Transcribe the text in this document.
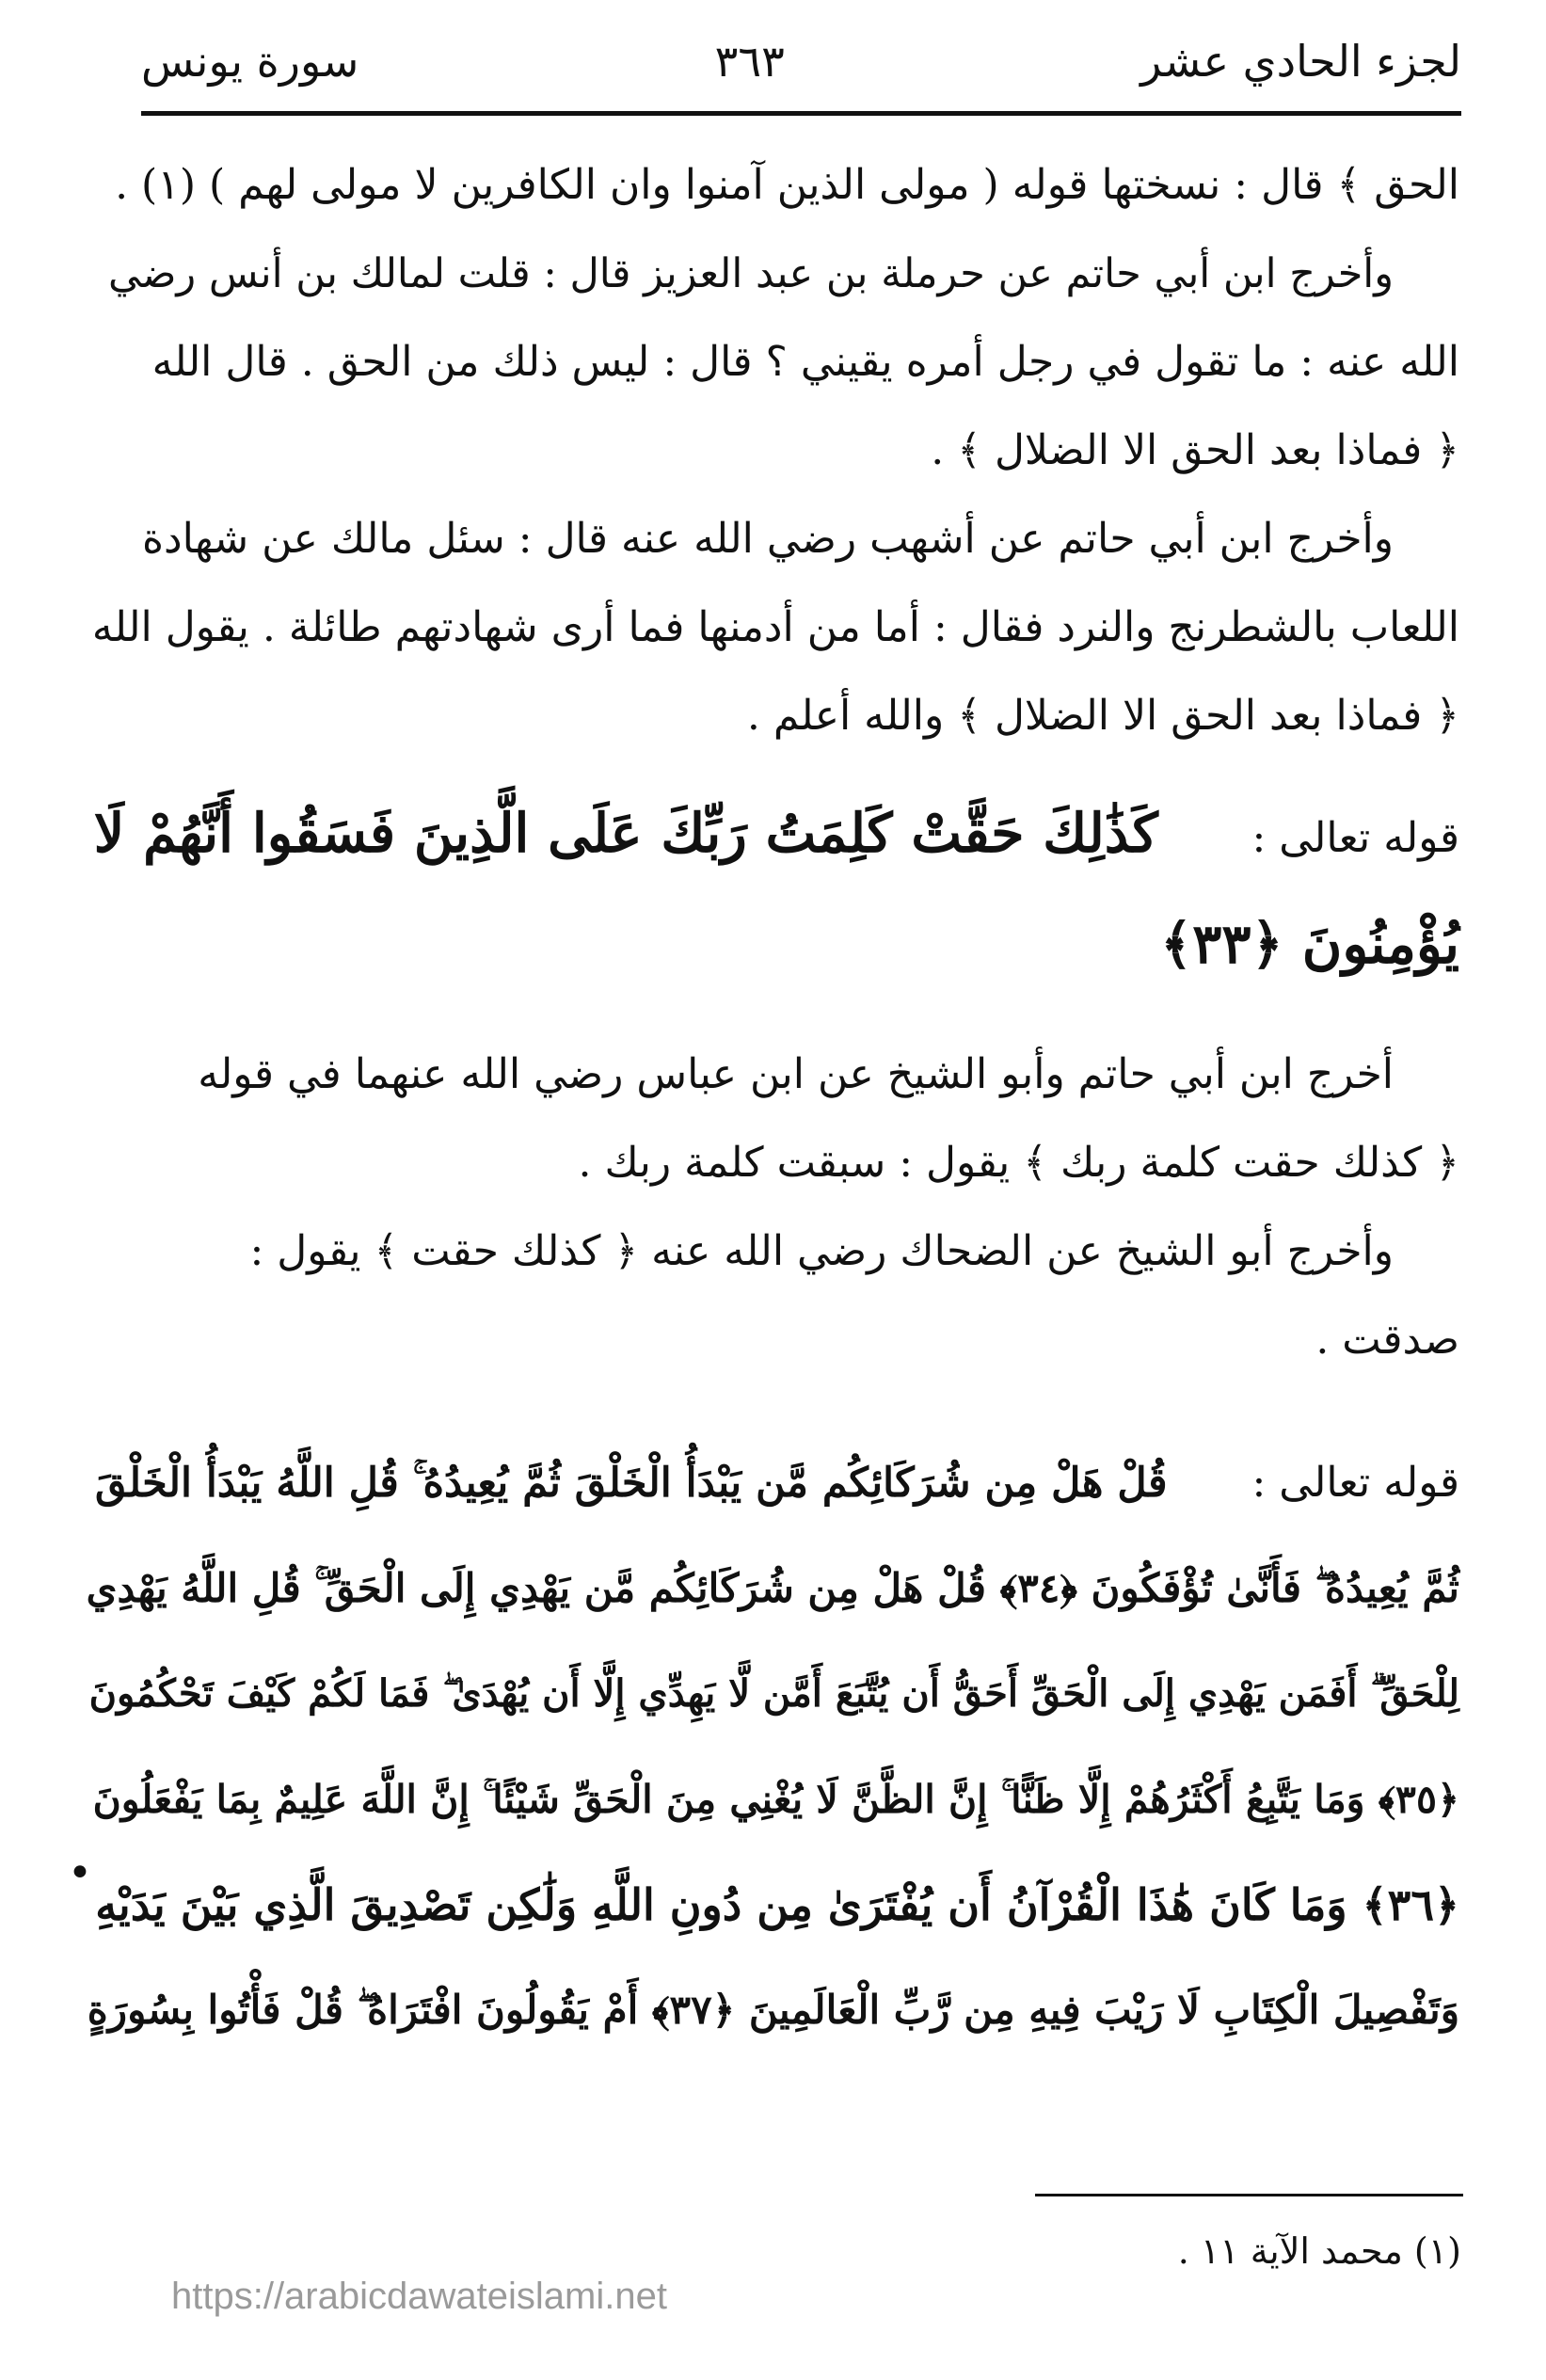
لجزء الحادي عشر
٣٦٣
سورة يونس
الحق ﴾ قال : نسختها قوله ( مولى الذين آمنوا وان الكافرين لا مولى لهم ) (١) .
وأخرج ابن أبي حاتم عن حرملة بن عبد العزيز قال : قلت لمالك بن أنس رضي
الله عنه : ما تقول في رجل أمره يقيني ؟ قال : ليس ذلك من الحق . قال الله
﴿ فماذا بعد الحق الا الضلال ﴾ .
وأخرج ابن أبي حاتم عن أشهب رضي الله عنه قال : سئل مالك عن شهادة
اللعاب بالشطرنج والنرد فقال : أما من أدمنها فما أرى شهادتهم طائلة . يقول الله
﴿ فماذا بعد الحق الا الضلال ﴾ والله أعلم .
قوله تعالى :  كَذَٰلِكَ حَقَّتْ كَلِمَتُ رَبِّكَ عَلَى الَّذِينَ فَسَقُوا أَنَّهُمْ لَا
يُؤْمِنُونَ ﴿٣٣﴾
أخرج ابن أبي حاتم وأبو الشيخ عن ابن عباس رضي الله عنهما في قوله
﴿ كذلك حقت كلمة ربك ﴾ يقول : سبقت كلمة ربك .
وأخرج أبو الشيخ عن الضحاك رضي الله عنه ﴿ كذلك حقت ﴾ يقول :
صدقت .
قوله تعالى :  قُلْ هَلْ مِن شُرَكَائِكُم مَّن يَبْدَأُ الْخَلْقَ ثُمَّ يُعِيدُهُ ۚ قُلِ اللَّهُ يَبْدَأُ الْخَلْقَ
ثُمَّ يُعِيدُهُ ۖ فَأَنَّىٰ تُؤْفَكُونَ ﴿٣٤﴾ قُلْ هَلْ مِن شُرَكَائِكُم مَّن يَهْدِي إِلَى الْحَقِّ ۚ قُلِ اللَّهُ يَهْدِي
لِلْحَقِّ ۗ أَفَمَن يَهْدِي إِلَى الْحَقِّ أَحَقُّ أَن يُتَّبَعَ أَمَّن لَّا يَهِدِّي إِلَّا أَن يُهْدَىٰ ۖ فَمَا لَكُمْ كَيْفَ تَحْكُمُونَ
﴿٣٥﴾ وَمَا يَتَّبِعُ أَكْثَرُهُمْ إِلَّا ظَنًّا ۚ إِنَّ الظَّنَّ لَا يُغْنِي مِنَ الْحَقِّ شَيْئًا ۚ إِنَّ اللَّهَ عَلِيمٌ بِمَا يَفْعَلُونَ
﴿٣٦﴾ وَمَا كَانَ هَٰذَا الْقُرْآنُ أَن يُفْتَرَىٰ مِن دُونِ اللَّهِ وَلَٰكِن تَصْدِيقَ الَّذِي بَيْنَ يَدَيْهِ
وَتَفْصِيلَ الْكِتَابِ لَا رَيْبَ فِيهِ مِن رَّبِّ الْعَالَمِينَ ﴿٣٧﴾ أَمْ يَقُولُونَ افْتَرَاهُ ۖ قُلْ فَأْتُوا بِسُورَةٍ
•
(١) محمد الآية ١١ .
https://arabicdawateislami.net
